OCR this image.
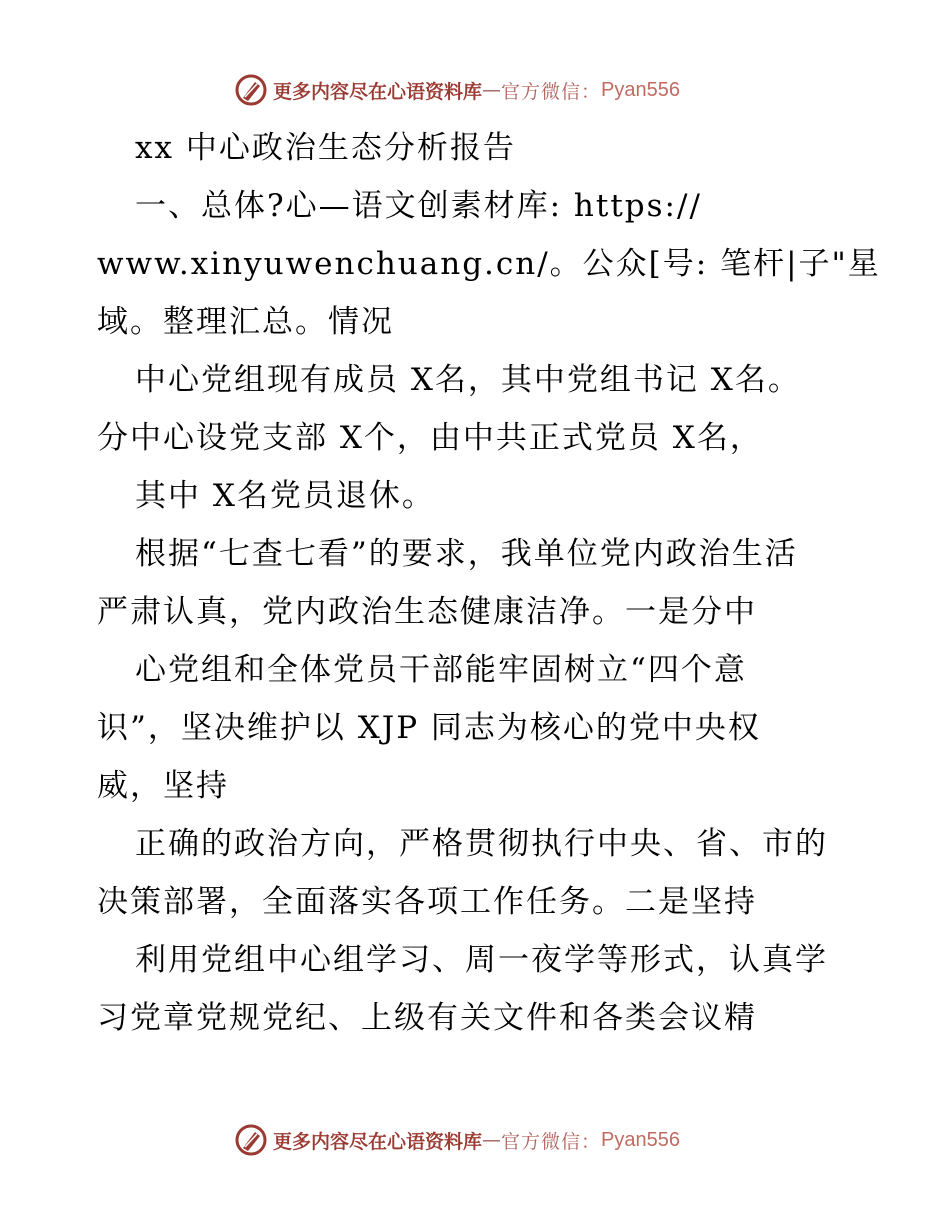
更多内容尽在心语资料库 — 官方微信： Pyan556
xx 中心政治生态分析报告
一、总体?心—语文创素材库: https://
www.xinyuwenchuang.cn/。公众[号: 笔杆|子"星
域。整理汇总。情况
中心党组现有成员 X名，其中党组书记 X名。
分中心设党支部 X个，由中共正式党员 X名，
其中 X名党员退休。
根据“七查七看”的要求，我单位党内政治生活
严肃认真，党内政治生态健康洁净。一是分中
心党组和全体党员干部能牢固树立“四个意
识”，坚决维护以 XJP 同志为核心的党中央权
威，坚持
正确的政治方向，严格贯彻执行中央、省、市的
决策部署，全面落实各项工作任务。二是坚持
利用党组中心组学习、周一夜学等形式，认真学
习党章党规党纪、上级有关文件和各类会议精
更多内容尽在心语资料库 — 官方微信： Pyan556
